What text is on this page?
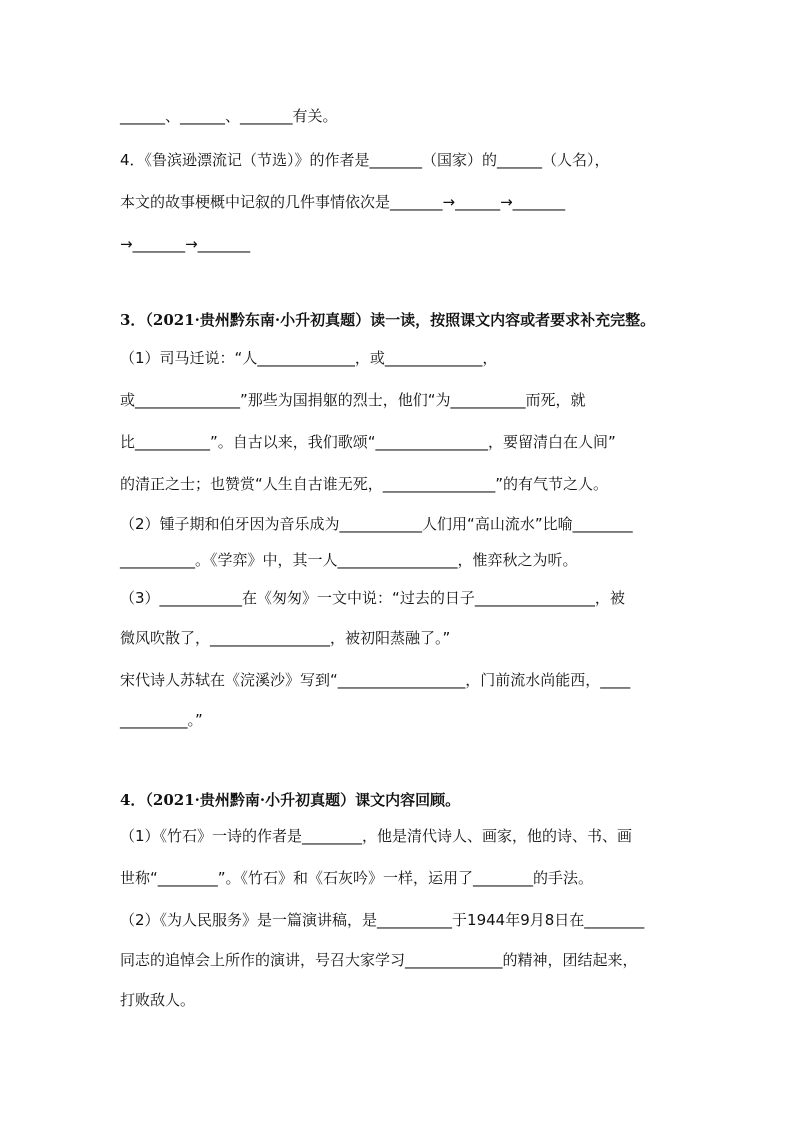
______、______、_______有关。
4．《鲁滨逊漂流记（节选）》的作者是_______（国家）的______（人名），
本文的故事梗概中记叙的几件事情依次是_______→______→_______
→_______→_______
3．（2021·贵州黔东南·小升初真题）读一读，按照课文内容或者要求补充完整。
（1）司马迁说：“人_____________，或_____________，
或______________”那些为国捐躯的烈士，他们“为__________而死，就
比__________”。自古以来，我们歌颂“_______________，要留清白在人间”
的清正之士；也赞赏“人生自古谁无死，_______________”的有气节之人。
（2）锺子期和伯牙因为音乐成为___________人们用“高山流水”比喻________
__________。《学弈》中，其一人________________，惟弈秋之为听。
（3）___________在《匆匆》一文中说：“过去的日子________________，被
微风吹散了，________________，被初阳蒸融了。”
宋代诗人苏轼在《浣溪沙》写到“_________________，门前流水尚能西，____
_________。”
4．（2021·贵州黔南·小升初真题）课文内容回顾。
（1）《竹石》一诗的作者是________，他是清代诗人、画家，他的诗、书、画
世称“________”。《竹石》和《石灰吟》一样，运用了________的手法。
（2）《为人民服务》是一篇演讲稿，是__________于1944年9月8日在________
同志的追悼会上所作的演讲，号召大家学习_____________的精神，团结起来，
打败敌人。
